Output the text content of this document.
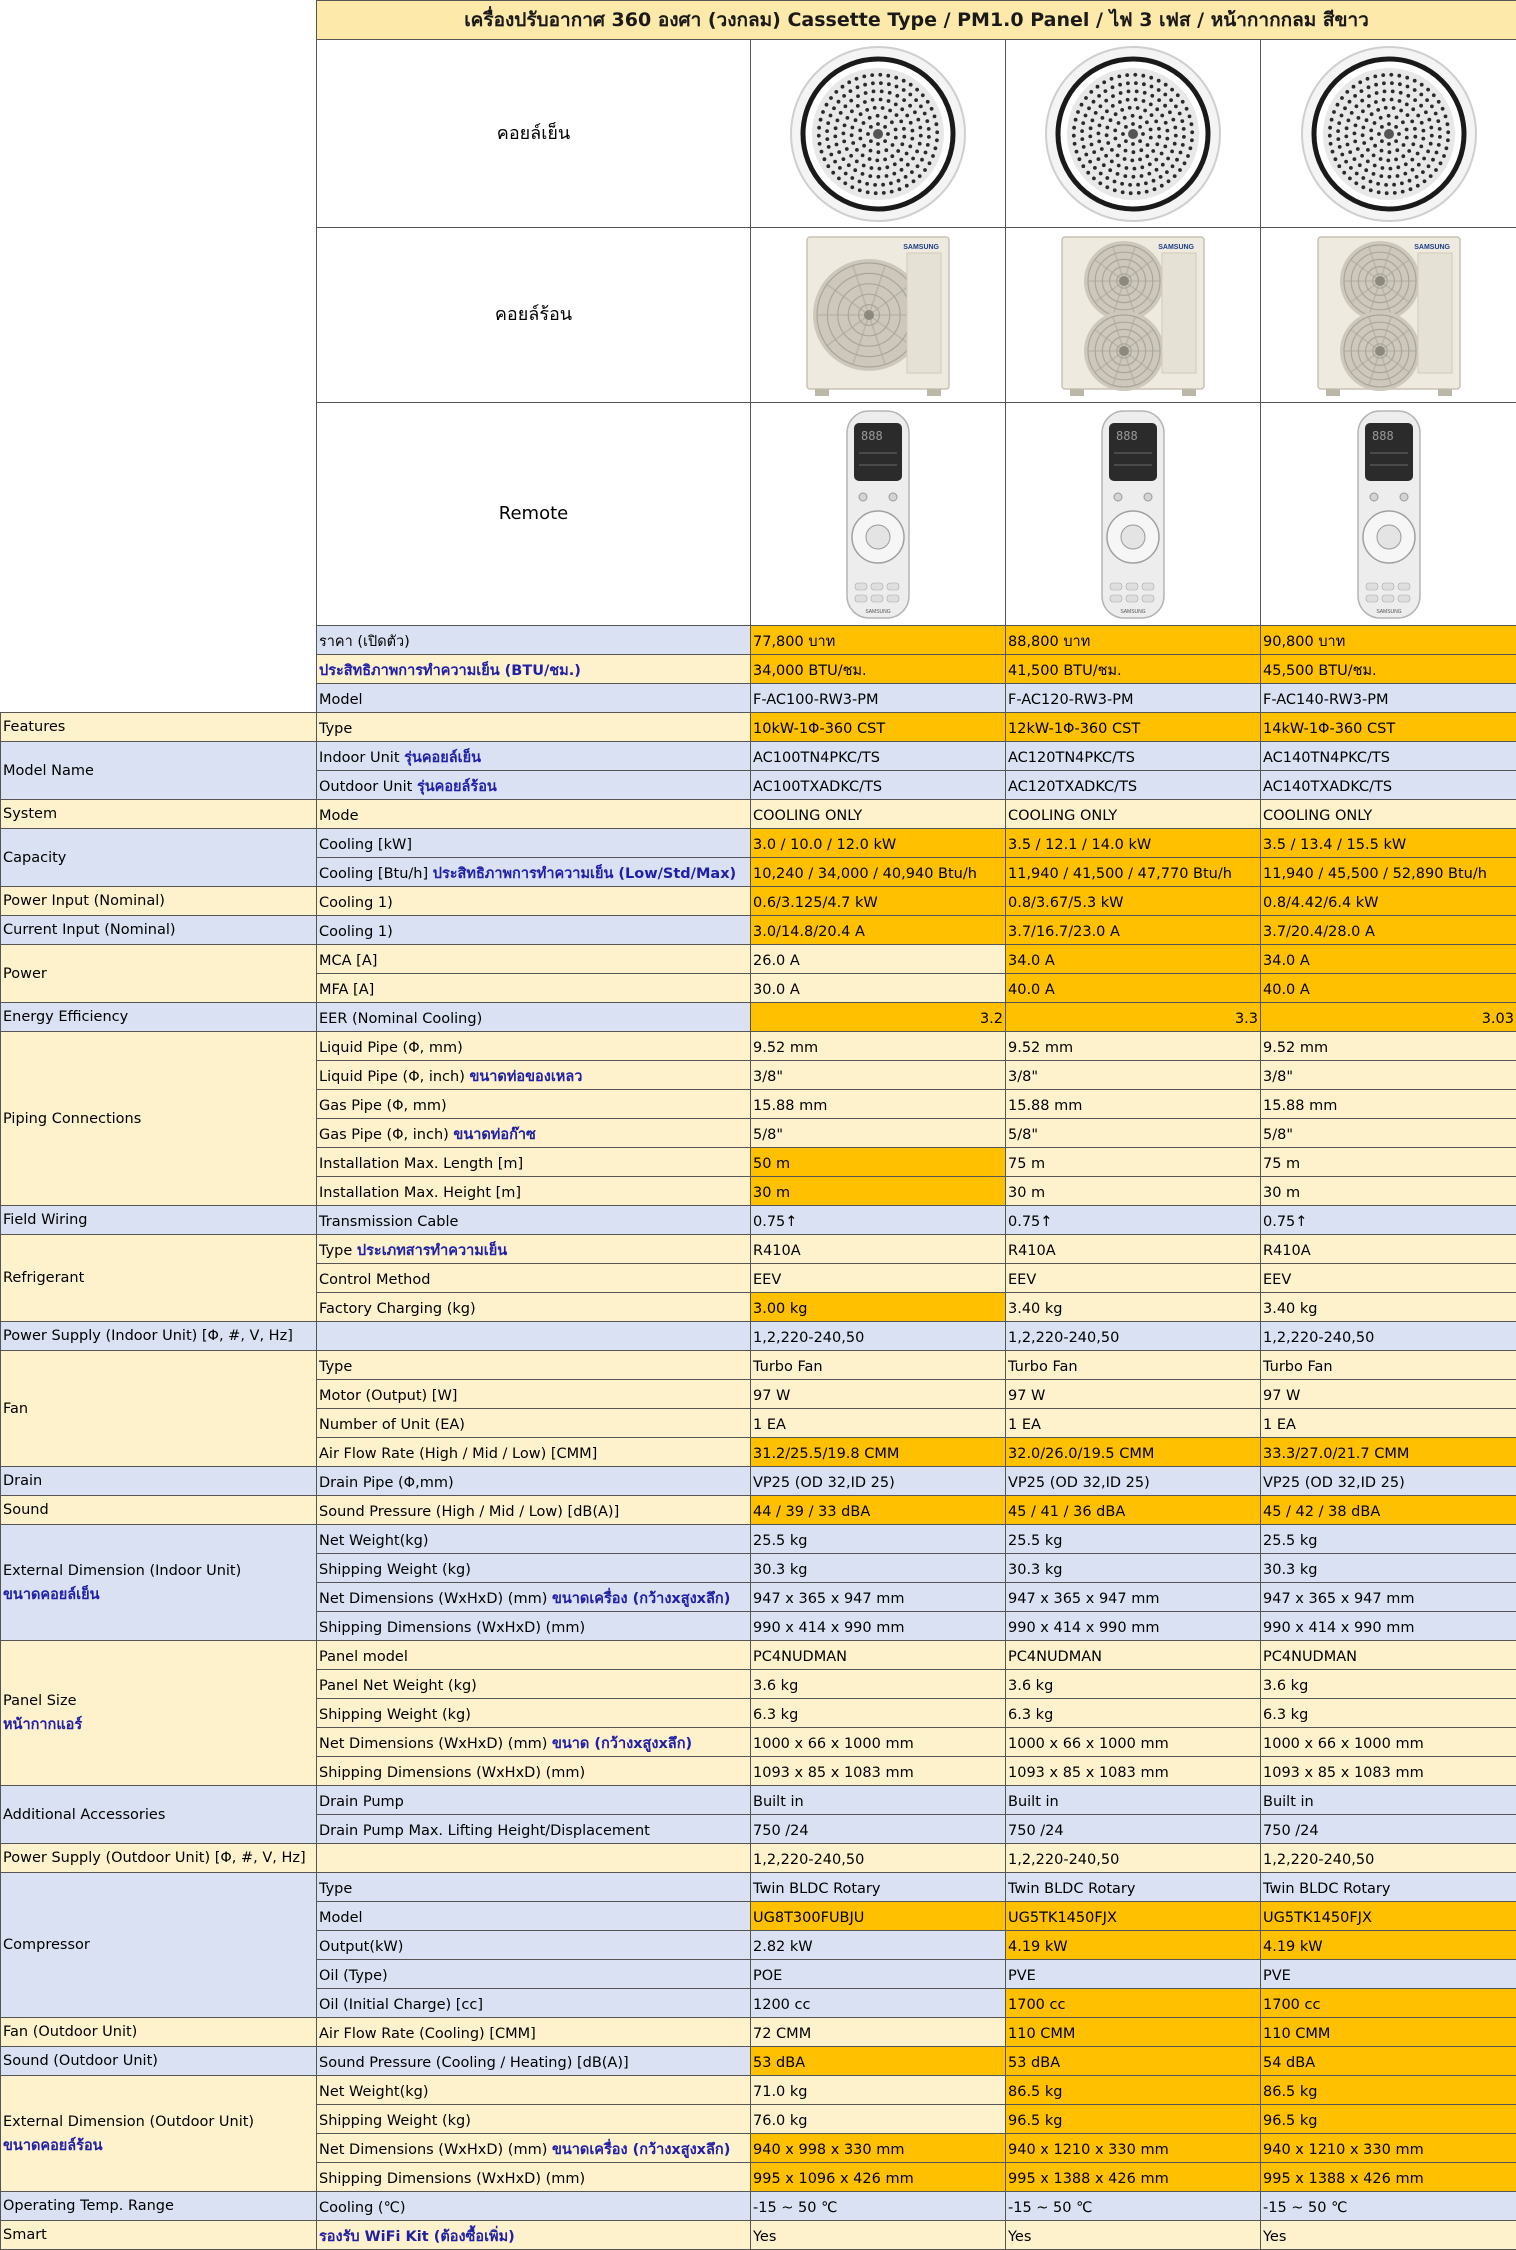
	เครื่องปรับอากาศ 360 องศา (วงกลม) Cassette Type / PM1.0 Panel / ไฟ 3 เฟส / หน้ากากกลม สีขาว			
	คอยล์เย็น	

	คอยล์ร้อน	SAMSUNG	SAMSUNG	SAMSUNG

	Remote	888
SAMSUNG	888
SAMSUNG	888
SAMSUNG

	ราคา (เปิดตัว)	77,800 บาท	88,800 บาท	90,800 บาท
	ประสิทธิภาพการทำความเย็น (BTU/ชม.)	34,000 BTU/ชม.	41,500 BTU/ชม.	45,500 BTU/ชม.
	Model	F-AC100-RW3-PM	F-AC120-RW3-PM	F-AC140-RW3-PM
Features	Type	10kW-1Φ-360 CST	12kW-1Φ-360 CST	14kW-1Φ-360 CST
Model Name	Indoor Unit รุ่นคอยล์เย็น	AC100TN4PKC/TS	AC120TN4PKC/TS	AC140TN4PKC/TS
	Outdoor Unit รุ่นคอยล์ร้อน	AC100TXADKC/TS	AC120TXADKC/TS	AC140TXADKC/TS
System	Mode	COOLING ONLY	COOLING ONLY	COOLING ONLY
Capacity	Cooling [kW]	3.0 / 10.0 / 12.0 kW	3.5 / 12.1 / 14.0 kW	3.5 / 13.4 / 15.5 kW
	Cooling [Btu/h] ประสิทธิภาพการทำความเย็น (Low/Std/Max)	10,240 / 34,000 / 40,940 Btu/h	11,940 / 41,500 / 47,770 Btu/h	11,940 / 45,500 / 52,890 Btu/h
Power Input (Nominal)	Cooling 1)	0.6/3.125/4.7 kW	0.8/3.67/5.3 kW	0.8/4.42/6.4 kW
Current Input (Nominal)	Cooling 1)	3.0/14.8/20.4 A	3.7/16.7/23.0 A	3.7/20.4/28.0 A
Power	MCA [A]	26.0 A	34.0 A	34.0 A
	MFA [A]	30.0 A	40.0 A	40.0 A
Energy Efficiency	EER (Nominal Cooling)	3.2	3.3	3.03
Piping Connections	Liquid Pipe (Φ, mm)	9.52 mm	9.52 mm	9.52 mm
	Liquid Pipe (Φ, inch) ขนาดท่อของเหลว	3/8"	3/8"	3/8"
	Gas Pipe (Φ, mm)	15.88 mm	15.88 mm	15.88 mm
	Gas Pipe (Φ, inch) ขนาดท่อก๊าซ	5/8"	5/8"	5/8"
	Installation Max. Length [m]	50 m	75 m	75 m
	Installation Max. Height [m]	30 m	30 m	30 m
Field Wiring	Transmission Cable	0.75↑	0.75↑	0.75↑
Refrigerant	Type ประเภทสารทำความเย็น	R410A	R410A	R410A
	Control Method	EEV	EEV	EEV
	Factory Charging (kg)	3.00 kg	3.40 kg	3.40 kg
Power Supply (Indoor Unit) [Φ, #, V, Hz]		1,2,220-240,50	1,2,220-240,50	1,2,220-240,50
Fan	Type	Turbo Fan	Turbo Fan	Turbo Fan
	Motor (Output) [W]	97 W	97 W	97 W
	Number of Unit (EA)	1 EA	1 EA	1 EA
	Air Flow Rate (High / Mid / Low) [CMM]	31.2/25.5/19.8 CMM	32.0/26.0/19.5 CMM	33.3/27.0/21.7 CMM
Drain	Drain Pipe (Φ,mm)	VP25 (OD 32,ID 25)	VP25 (OD 32,ID 25)	VP25 (OD 32,ID 25)
Sound	Sound Pressure (High / Mid / Low) [dB(A)]	44 / 39 / 33 dBA	45 / 41 / 36 dBA	45 / 42 / 38 dBA
External Dimension (Indoor Unit)
ขนาดคอยล์เย็น	Net Weight(kg)	25.5 kg	25.5 kg	25.5 kg
	Shipping Weight (kg)	30.3 kg	30.3 kg	30.3 kg
	Net Dimensions (WxHxD) (mm) ขนาดเครื่อง (กว้างxสูงxลึก)	947 x 365 x 947 mm	947 x 365 x 947 mm	947 x 365 x 947 mm
	Shipping Dimensions (WxHxD) (mm)	990 x 414 x 990 mm	990 x 414 x 990 mm	990 x 414 x 990 mm
Panel Size
หน้ากากแอร์	Panel model	PC4NUDMAN	PC4NUDMAN	PC4NUDMAN
	Panel Net Weight (kg)	3.6 kg	3.6 kg	3.6 kg
	Shipping Weight (kg)	6.3 kg	6.3 kg	6.3 kg
	Net Dimensions (WxHxD) (mm) ขนาด (กว้างxสูงxลึก)	1000 x 66 x 1000 mm	1000 x 66 x 1000 mm	1000 x 66 x 1000 mm
	Shipping Dimensions (WxHxD) (mm)	1093 x 85 x 1083 mm	1093 x 85 x 1083 mm	1093 x 85 x 1083 mm
Additional Accessories	Drain Pump	Built in	Built in	Built in
	Drain Pump Max. Lifting Height/Displacement	750 /24	750 /24	750 /24
Power Supply (Outdoor Unit) [Φ, #, V, Hz]		1,2,220-240,50	1,2,220-240,50	1,2,220-240,50
Compressor	Type	Twin BLDC Rotary	Twin BLDC Rotary	Twin BLDC Rotary
	Model	UG8T300FUBJU	UG5TK1450FJX	UG5TK1450FJX
	Output(kW)	2.82 kW	4.19 kW	4.19 kW
	Oil (Type)	POE	PVE	PVE
	Oil (Initial Charge) [cc]	1200 cc	1700 cc	1700 cc
Fan (Outdoor Unit)	Air Flow Rate (Cooling) [CMM]	72 CMM	110 CMM	110 CMM
Sound (Outdoor Unit)	Sound Pressure (Cooling / Heating) [dB(A)]	53 dBA	53 dBA	54 dBA
External Dimension (Outdoor Unit)
ขนาดคอยล์ร้อน	Net Weight(kg)	71.0 kg	86.5 kg	86.5 kg
	Shipping Weight (kg)	76.0 kg	96.5 kg	96.5 kg
	Net Dimensions (WxHxD) (mm) ขนาดเครื่อง (กว้างxสูงxลึก)	940 x 998 x 330 mm	940 x 1210 x 330 mm	940 x 1210 x 330 mm
	Shipping Dimensions (WxHxD) (mm)	995 x 1096 x 426 mm	995 x 1388 x 426 mm	995 x 1388 x 426 mm
Operating Temp. Range	Cooling (℃)	-15 ~ 50 ℃	-15 ~ 50 ℃	-15 ~ 50 ℃
Smart	รองรับ WiFi Kit (ต้องซื้อเพิ่ม)	Yes	Yes	Yes
